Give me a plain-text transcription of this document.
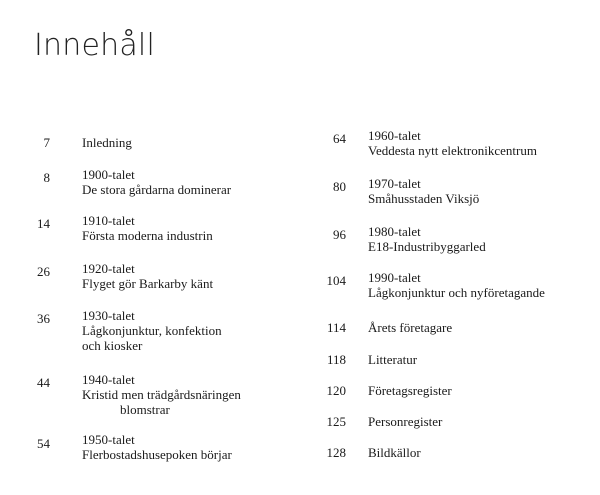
Innehåll
7 Inledning
8 1900-talet
De stora gårdarna dominerar
14 1910-talet
Första moderna industrin
26 1920-talet
Flyget gör Barkarby känt
36 1930-talet
Lågkonjunktur, konfektion
och kiosker
44 1940-talet
Kristid men trädgårdsnäringen
blomstrar
54 1950-talet
Flerbostadshusepoken börjar
64 1960-talet
Veddesta nytt elektronikcentrum
80 1970-talet
Småhusstaden Viksjö
96 1980-talet
E18-Industribyggarled
104 1990-talet
Lågkonjunktur och nyföretagande
114 Årets företagare
118 Litteratur
120 Företagsregister
125 Personregister
128 Bildkällor
